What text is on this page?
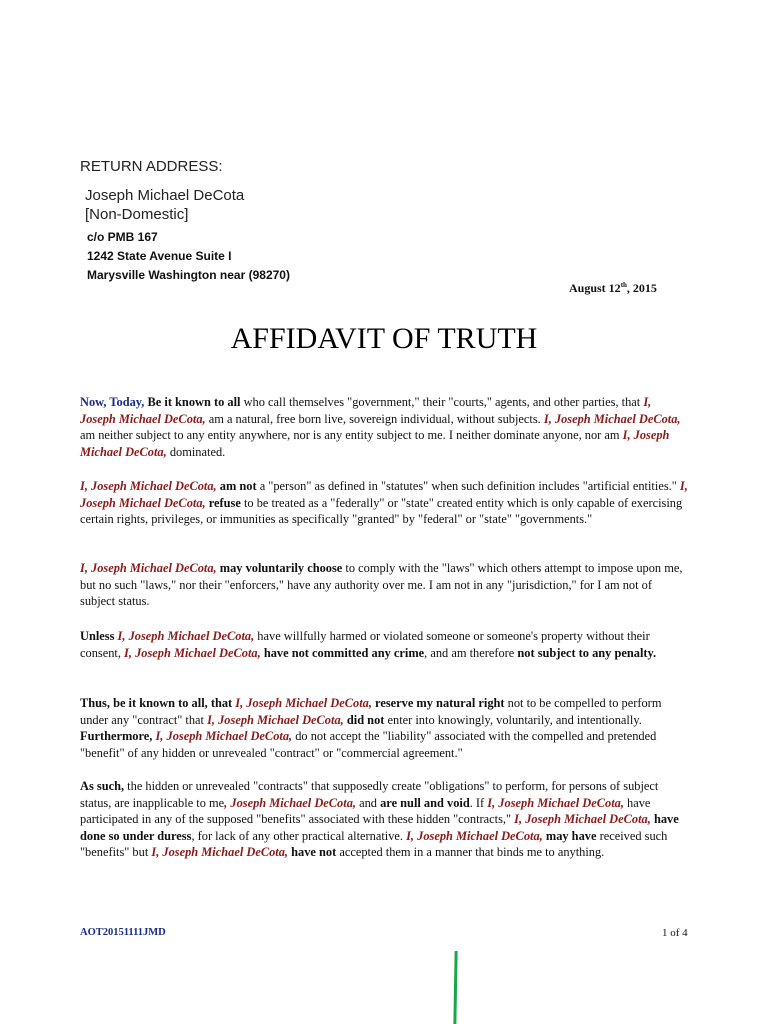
RETURN ADDRESS:
Joseph Michael DeCota
[Non-Domestic]
c/o PMB 167
1242 State Avenue Suite I
Marysville Washington near (98270)
August 12th, 2015
AFFIDAVIT OF TRUTH
Now, Today, Be it known to all who call themselves "government," their "courts," agents, and other parties, that I, Joseph Michael DeCota, am a natural, free born live, sovereign individual, without subjects. I, Joseph Michael DeCota, am neither subject to any entity anywhere, nor is any entity subject to me. I neither dominate anyone, nor am I, Joseph Michael DeCota, dominated.
I, Joseph Michael DeCota, am not a "person" as defined in "statutes" when such definition includes "artificial entities." I, Joseph Michael DeCota, refuse to be treated as a "federally" or "state" created entity which is only capable of exercising certain rights, privileges, or immunities as specifically "granted" by "federal" or "state" "governments."
I, Joseph Michael DeCota, may voluntarily choose to comply with the "laws" which others attempt to impose upon me, but no such "laws," nor their "enforcers," have any authority over me. I am not in any "jurisdiction," for I am not of subject status.
Unless I, Joseph Michael DeCota, have willfully harmed or violated someone or someone's property without their consent, I, Joseph Michael DeCota, have not committed any crime, and am therefore not subject to any penalty.
Thus, be it known to all, that I, Joseph Michael DeCota, reserve my natural right not to be compelled to perform under any "contract" that I, Joseph Michael DeCota, did not enter into knowingly, voluntarily, and intentionally. Furthermore, I, Joseph Michael DeCota, do not accept the "liability" associated with the compelled and pretended "benefit" of any hidden or unrevealed "contract" or "commercial agreement."
As such, the hidden or unrevealed "contracts" that supposedly create "obligations" to perform, for persons of subject status, are inapplicable to me, Joseph Michael DeCota, and are null and void. If I, Joseph Michael DeCota, have participated in any of the supposed "benefits" associated with these hidden "contracts," I, Joseph Michael DeCota, have done so under duress, for lack of any other practical alternative. I, Joseph Michael DeCota, may have received such "benefits" but I, Joseph Michael DeCota, have not accepted them in a manner that binds me to anything.
AOT20151111JMD	1 of 4
